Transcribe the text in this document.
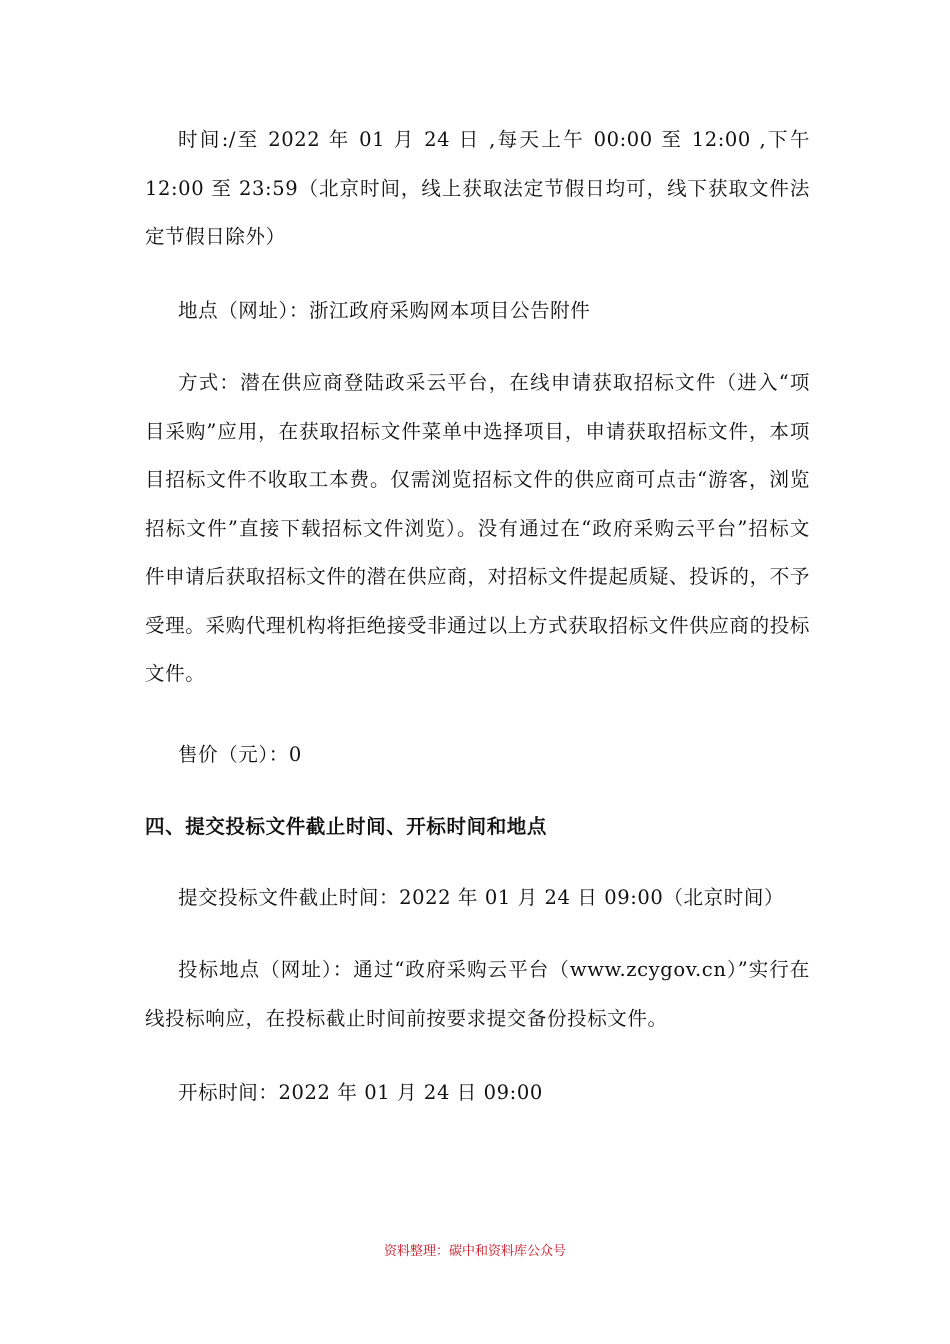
时间:/至 2022 年 01 月 24 日 ,每天上午 00:00 至 12:00 ,下午 12:00 至 23:59（北京时间，线上获取法定节假日均可，线下获取文件法定节假日除外）

地点（网址）：浙江政府采购网本项目公告附件

方式：潜在供应商登陆政采云平台，在线申请获取招标文件（进入“项目采购”应用，在获取招标文件菜单中选择项目，申请获取招标文件，本项目招标文件不收取工本费。仅需浏览招标文件的供应商可点击“游客，浏览招标文件”直接下载招标文件浏览）。没有通过在“政府采购云平台”招标文件申请后获取招标文件的潜在供应商，对招标文件提起质疑、投诉的，不予受理。采购代理机构将拒绝接受非通过以上方式获取招标文件供应商的投标文件。

售价（元）：0

四、提交投标文件截止时间、开标时间和地点

提交投标文件截止时间：2022 年 01 月 24 日 09:00（北京时间）

投标地点（网址）：通过“政府采购云平台（www.zcygov.cn）”实行在线投标响应，在投标截止时间前按要求提交备份投标文件。

开标时间：2022 年 01 月 24 日 09:00

资料整理：碳中和资料库公众号
